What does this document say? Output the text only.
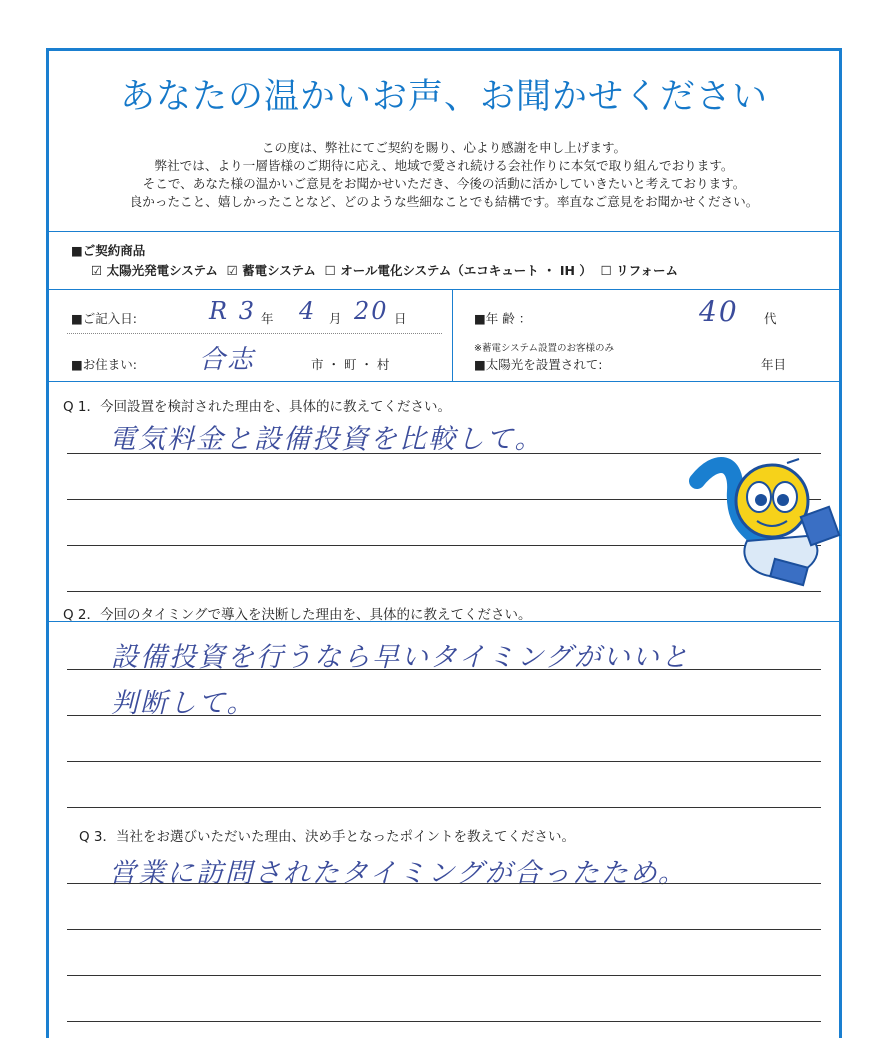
あなたの温かいお声、お聞かせください
この度は、弊社にてご契約を賜り、心より感謝を申し上げます。
弊社では、より一層皆様のご期待に応え、地域で愛され続ける会社作りに本気で取り組んでおります。
そこで、あなた様の温かいご意見をお聞かせいただき、今後の活動に活かしていきたいと考えております。
良かったこと、嬉しかったことなど、どのような些細なことでも結構です。率直なご意見をお聞かせください。
■ご契約商品
☑ 太陽光発電システム ☑ 蓄電システム ☐ オール電化システム（エコキュート ・ IH ） ☐ リフォーム
■ご記入日:	R 3 年 4 月 20 日	■年 齢 ：	40 代
■お住まい: 合志	市 ・ 町 ・ 村
※蓄電システム設置のお客様のみ
■太陽光を設置されて:	年目
Q 1．今回設置を検討された理由を、具体的に教えてください。
電気料金と設備投資を比較して。
Q 2．今回のタイミングで導入を決断した理由を、具体的に教えてください。
設備投資を行うなら早いタイミングがいいと
判断して。
Q 3．当社をお選びいただいた理由、決め手となったポイントを教えてください。
営業に訪問されたタイミングが合ったため。
